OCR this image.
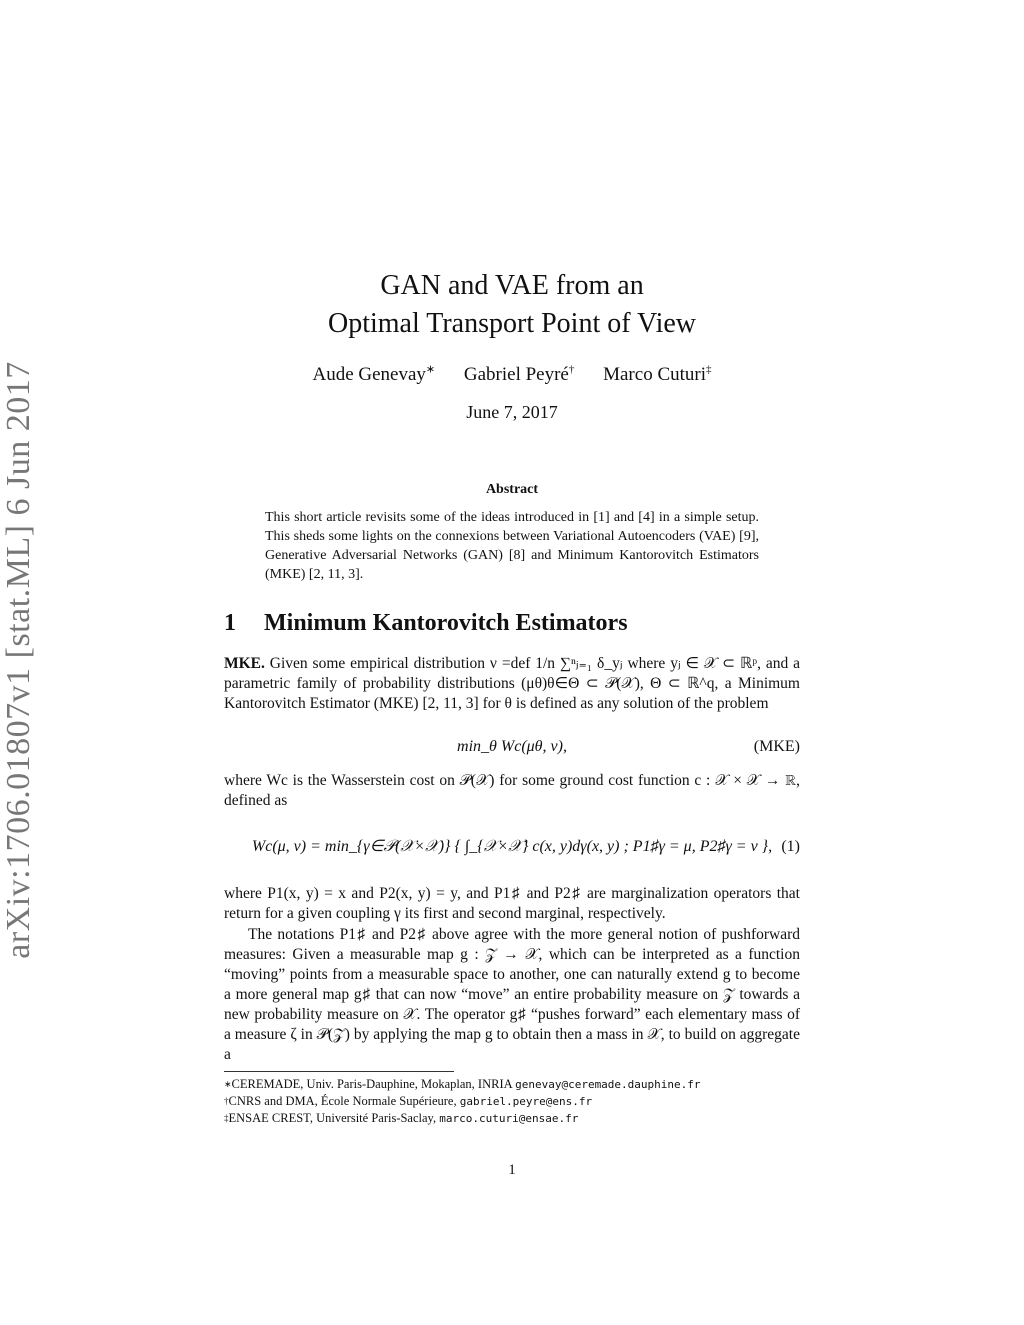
arXiv:1706.01807v1 [stat.ML] 6 Jun 2017
GAN and VAE from an
Optimal Transport Point of View
Aude Genevay∗ Gabriel Peyré† Marco Cuturi‡
June 7, 2017
Abstract
This short article revisits some of the ideas introduced in [1] and [4] in a simple setup. This sheds some lights on the connexions between Variational Autoencoders (VAE) [9], Generative Adversarial Networks (GAN) [8] and Minimum Kantorovitch Estimators (MKE) [2, 11, 3].
1 Minimum Kantorovitch Estimators
MKE. Given some empirical distribution ν =def 1/n ∑ⁿⱼ₌₁ δ_yⱼ where yⱼ ∈ 𝒳 ⊂ ℝᵖ, and a parametric family of probability distributions (μθ)θ∈Θ ⊂ 𝒫(𝒳), Θ ⊂ ℝ^q, a Minimum Kantorovitch Estimator (MKE) [2, 11, 3] for θ is defined as any solution of the problem
min_θ Wc(μθ, ν),	(MKE)
where Wc is the Wasserstein cost on 𝒫(𝒳) for some ground cost function c : 𝒳 × 𝒳 → ℝ, defined as
Wc(μ, ν) = min_{γ∈𝒫(𝒳×𝒳)} { ∫_{𝒳×𝒳} c(x, y)dγ(x, y) ; P1♯γ = μ, P2♯γ = ν }, (1)
where P1(x, y) = x and P2(x, y) = y, and P1♯ and P2♯ are marginalization operators that return for a given coupling γ its first and second marginal, respectively.
The notations P1♯ and P2♯ above agree with the more general notion of pushforward measures: Given a measurable map g : 𝒵 → 𝒳, which can be interpreted as a function “moving” points from a measurable space to another, one can naturally extend g to become a more general map g♯ that can now “move” an entire probability measure on 𝒵 towards a new probability measure on 𝒳. The operator g♯ “pushes forward” each elementary mass of a measure ζ in 𝒫(𝒵) by applying the map g to obtain then a mass in 𝒳, to build on aggregate a
∗CEREMADE, Univ. Paris-Dauphine, Mokaplan, INRIA genevay@ceremade.dauphine.fr
†CNRS and DMA, École Normale Supérieure, gabriel.peyre@ens.fr
‡ENSAE CREST, Université Paris-Saclay, marco.cuturi@ensae.fr
1
